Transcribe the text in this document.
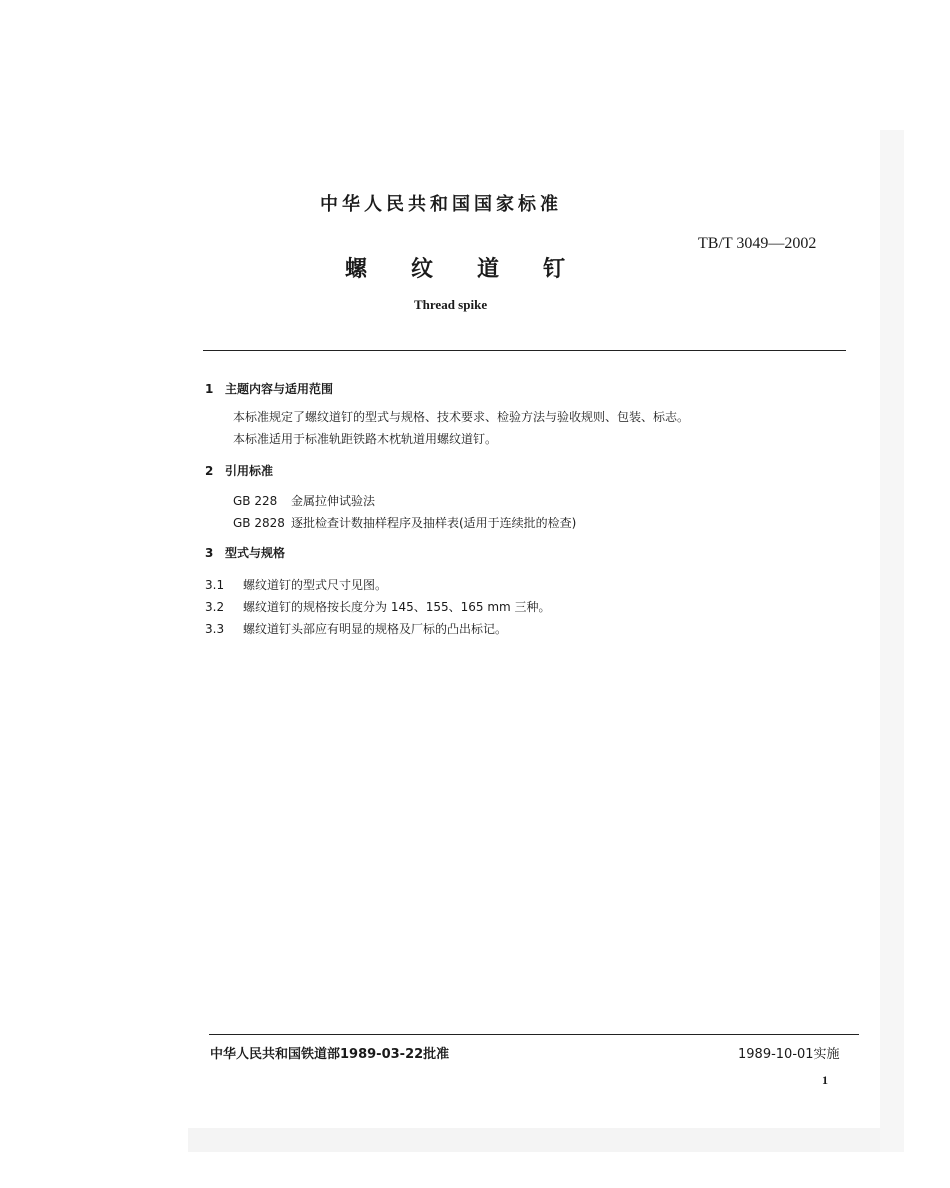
中华人民共和国国家标准
TB/T 3049—2002
螺纹道钉
Thread spike
1 主题内容与适用范围

本标准规定了螺纹道钉的型式与规格、技术要求、检验方法与验收规则、包装、标志。

本标准适用于标准轨距铁路木枕轨道用螺纹道钉。

2 引用标准
GB 228 金属拉伸试验法
GB 2828 逐批检查计数抽样程序及抽样表(适用于连续批的检查)
3 型式与规格
3.1 螺纹道钉的型式尺寸见图。
3.2 螺纹道钉的规格按长度分为 145、155、165 mm 三种。
3.3 螺纹道钉头部应有明显的规格及厂标的凸出标记。
中华人民共和国铁道部1989-03-22批准	1989-10-01实施
1
